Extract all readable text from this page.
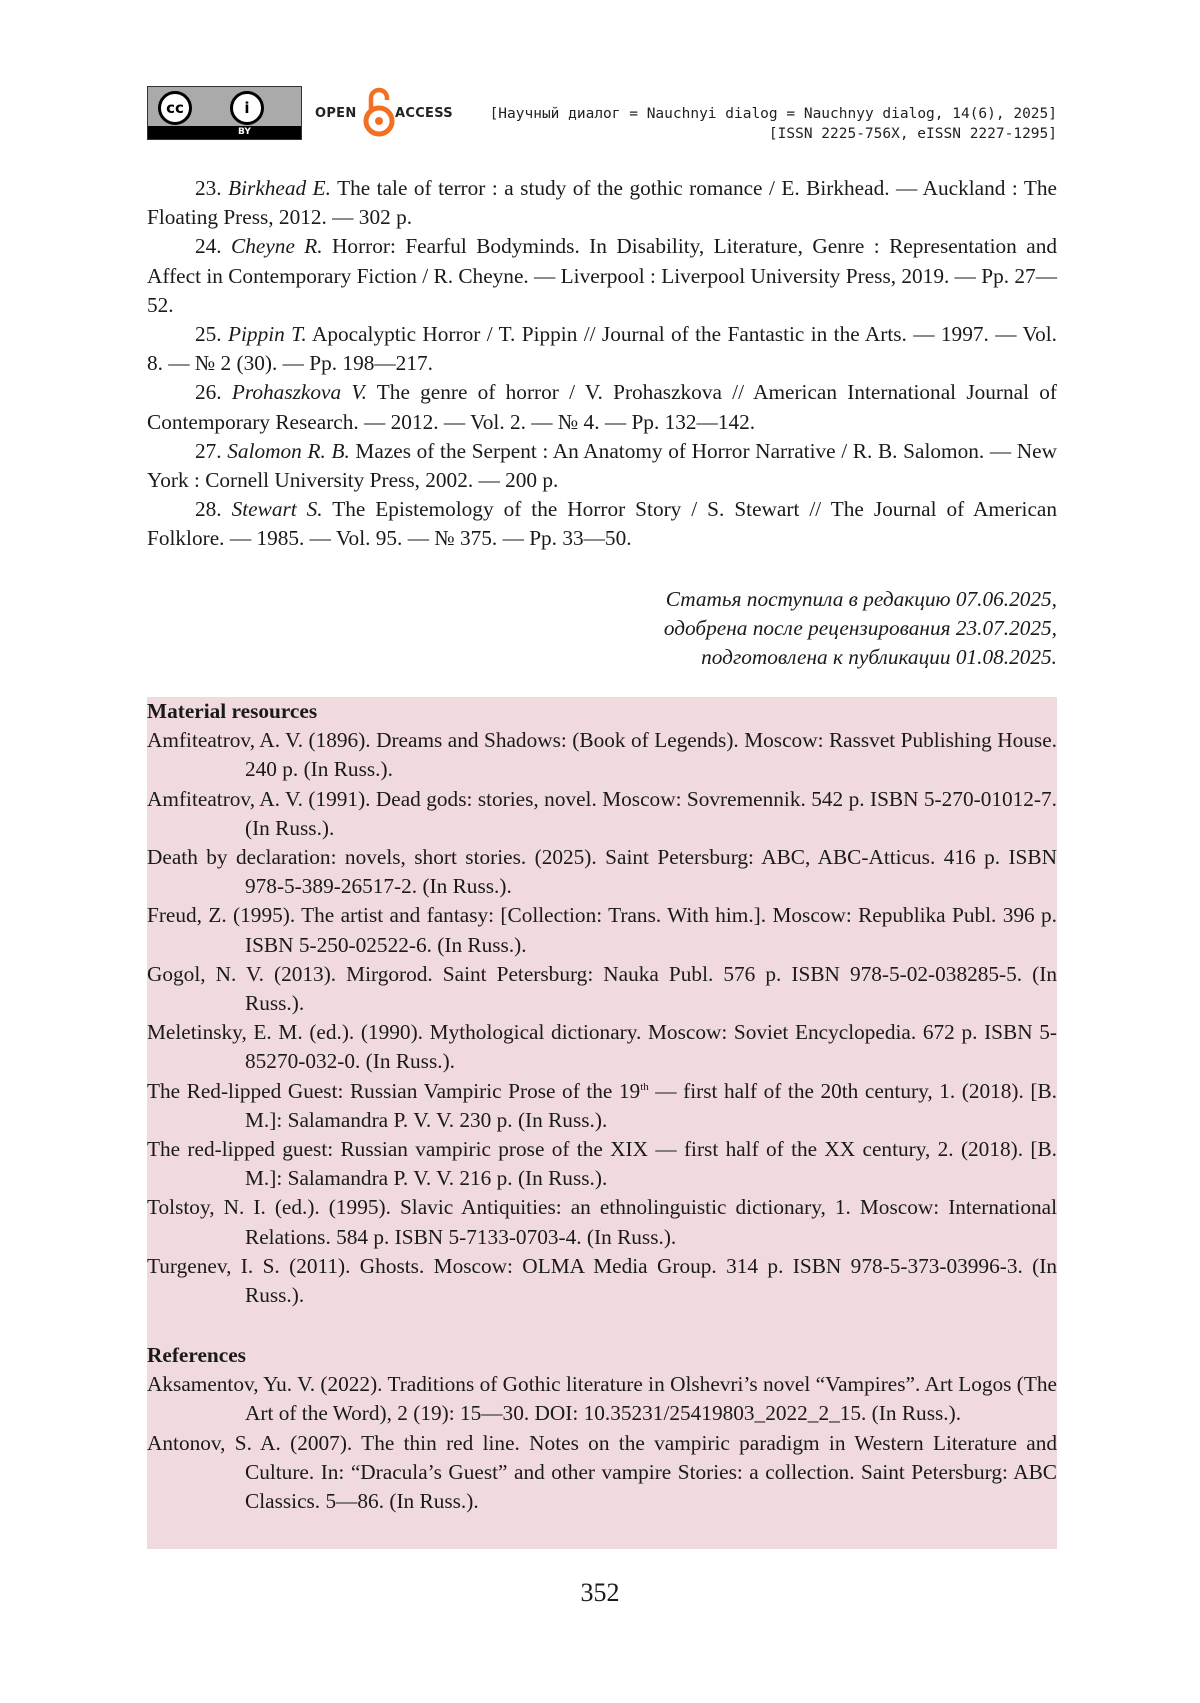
cc	i
BY
OPEN	ACCESS	[Научный диалог = Nauchnyi dialog = Nauchnyy dialog, 14(6), 2025]
[ISSN 2225-756X, eISSN 2227-1295]

23. Birkhead E. The tale of terror : a study of the gothic romance / E. Birkhead. — Auckland : The Floating Press, 2012. — 302 p.

24. Cheyne R. Horror: Fearful Bodyminds. In Disability, Literature, Genre : Representation and Affect in Contemporary Fiction / R. Cheyne. — Liverpool : Liverpool University Press, 2019. — Pp. 27—52.

25. Pippin T. Apocalyptic Horror / T. Pippin // Journal of the Fantastic in the Arts. — 1997. — Vol. 8. — № 2 (30). — Pp. 198—217.

26. Prohaszkova V. The genre of horror / V. Prohaszkova // American International Journal of Contemporary Research. — 2012. — Vol. 2. — № 4. — Pp. 132—142.

27. Salomon R. B. Mazes of the Serpent : An Anatomy of Horror Narrative / R. B. Salomon. — New York : Cornell University Press, 2002. — 200 p.

28. Stewart S. The Epistemology of the Horror Story / S. Stewart // The Journal of American Folklore. — 1985. — Vol. 95. — № 375. — Pp. 33—50.

Статья поступила в редакцию 07.06.2025,
одобрена после рецензирования 23.07.2025,
подготовлена к публикации 01.08.2025.
Material resources

Amfiteatrov, A. V. (1896). Dreams and Shadows: (Book of Legends). Moscow: Rassvet Publishing House. 240 p. (In Russ.).

Amfiteatrov, A. V. (1991). Dead gods: stories, novel. Moscow: Sovremennik. 542 p. ISBN 5-270-01012-7. (In Russ.).

Death by declaration: novels, short stories. (2025). Saint Petersburg: ABC, ABC-Atticus. 416 p. ISBN 978-5-389-26517-2. (In Russ.).

Freud, Z. (1995). The artist and fantasy: [Collection: Trans. With him.]. Moscow: Republika Publ. 396 p. ISBN 5-250-02522-6. (In Russ.).

Gogol, N. V. (2013). Mirgorod. Saint Petersburg: Nauka Publ. 576 p. ISBN 978-5-02-038285-5. (In Russ.).

Meletinsky, E. M. (ed.). (1990). Mythological dictionary. Moscow: Soviet Encyclopedia. 672 p. ISBN 5-85270-032-0. (In Russ.).

The Red-lipped Guest: Russian Vampiric Prose of the 19th — first half of the 20th century, 1. (2018). [B. M.]: Salamandra P. V. V. 230 p. (In Russ.).

The red-lipped guest: Russian vampiric prose of the XIX — first half of the XX century, 2. (2018). [B. M.]: Salamandra P. V. V. 216 p. (In Russ.).

Tolstoy, N. I. (ed.). (1995). Slavic Antiquities: an ethnolinguistic dictionary, 1. Moscow: International Relations. 584 p. ISBN 5-7133-0703-4. (In Russ.).

Turgenev, I. S. (2011). Ghosts. Moscow: OLMA Media Group. 314 p. ISBN 978-5-373-03996-3. (In Russ.).

References

Aksamentov, Yu. V. (2022). Traditions of Gothic literature in Olshevri’s novel “Vampires”. Art Logos (The Art of the Word), 2 (19): 15—30. DOI: 10.35231/25419803_2022_2_15. (In Russ.).

Antonov, S. A. (2007). The thin red line. Notes on the vampiric paradigm in Western Literature and Culture. In: “Dracula’s Guest” and other vampire Stories: a collection. Saint Petersburg: ABC Classics. 5—86. (In Russ.).

352
